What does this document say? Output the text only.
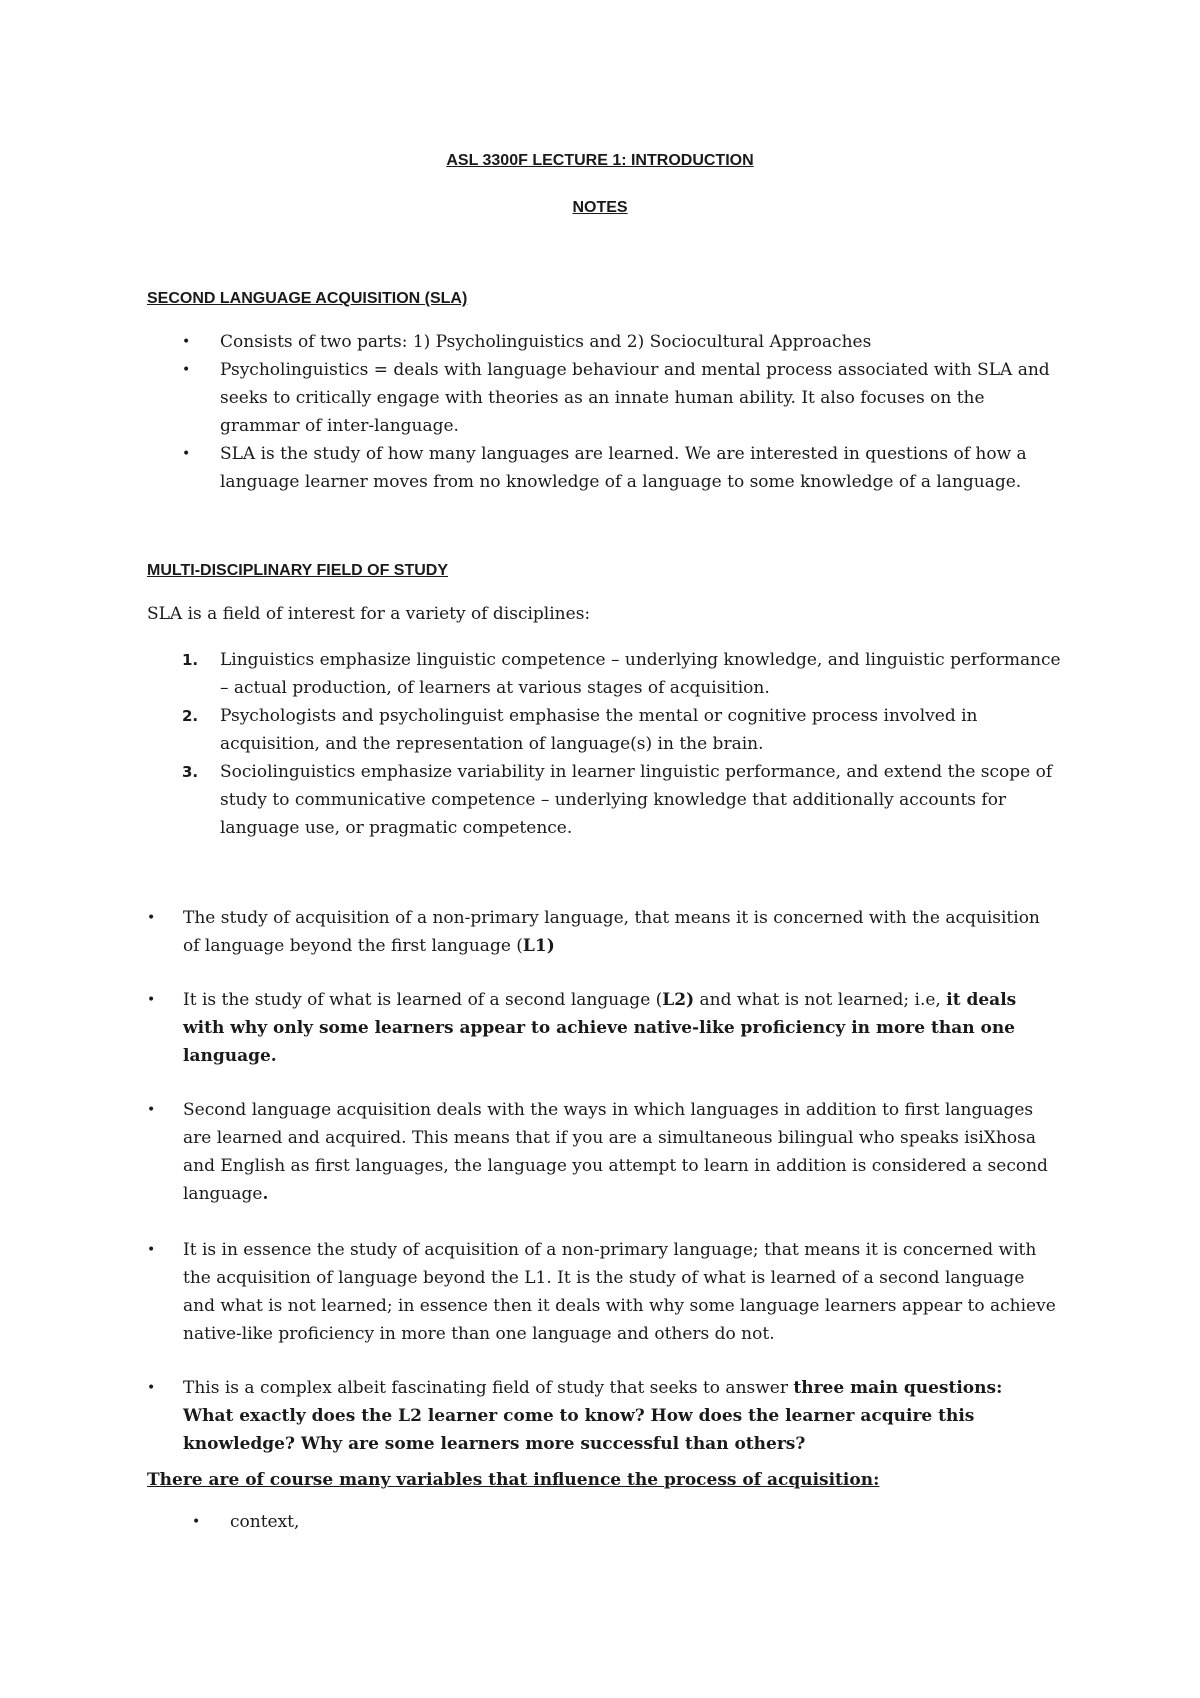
ASL 3300F LECTURE 1: INTRODUCTION
NOTES
SECOND LANGUAGE ACQUISITION (SLA)
• Consists of two parts: 1) Psycholinguistics and 2) Sociocultural Approaches

• Psycholinguistics = deals with language behaviour and mental process associated with SLA and seeks to critically engage with theories as an innate human ability. It also focuses on the grammar of inter-language.

• SLA is the study of how many languages are learned. We are interested in questions of how a language learner moves from no knowledge of a language to some knowledge of a language.

MULTI-DISCIPLINARY FIELD OF STUDY

SLA is a field of interest for a variety of disciplines:

1. Linguistics emphasize linguistic competence – underlying knowledge, and linguistic performance – actual production, of learners at various stages of acquisition.

2. Psychologists and psycholinguist emphasise the mental or cognitive process involved in acquisition, and the representation of language(s) in the brain.

3. Sociolinguistics emphasize variability in learner linguistic performance, and extend the scope of study to communicative competence – underlying knowledge that additionally accounts for language use, or pragmatic competence.

• The study of acquisition of a non-primary language, that means it is concerned with the acquisition of language beyond the first language (L1)

• It is the study of what is learned of a second language (L2) and what is not learned; i.e, it deals with why only some learners appear to achieve native-like proficiency in more than one language.

• Second language acquisition deals with the ways in which languages in addition to first languages are learned and acquired. This means that if you are a simultaneous bilingual who speaks isiXhosa and English as first languages, the language you attempt to learn in addition is considered a second language.

• It is in essence the study of acquisition of a non-primary language; that means it is concerned with the acquisition of language beyond the L1. It is the study of what is learned of a second language and what is not learned; in essence then it deals with why some language learners appear to achieve native-like proficiency in more than one language and others do not.

• This is a complex albeit fascinating field of study that seeks to answer three main questions: What exactly does the L2 learner come to know? How does the learner acquire this knowledge? Why are some learners more successful than others?

There are of course many variables that influence the process of acquisition:

• context,
